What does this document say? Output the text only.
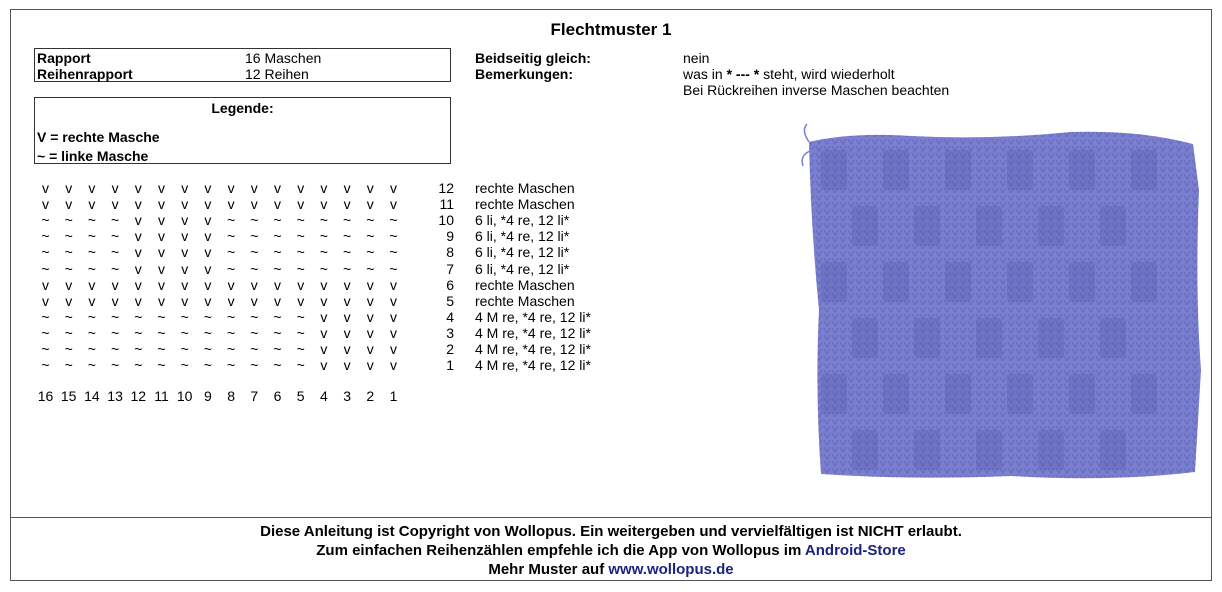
Flechtmuster 1
Rapport	16 Maschen
Reihenrapport	12 Reihen
Beidseitig gleich:	nein
Bemerkungen:	was in * --- * steht, wird wiederholt
Bei Rückreihen inverse Maschen beachten
Legende:
V = rechte Masche
~ = linke Masche
16 15 14 13 12 11 10 9	8	7	6	5	4	3	2	1
v	v	v	v	v	v	v	v	v	v	v	v	v	v	v	v	12 rechte Maschen
v	v	v	v	v	v	v	v	v	v	v	v	v	v	v	v	11 rechte Maschen
~	~	~	~	v	v	v	v	~	~	~	~	~	~	~	~	10 6 li, *4 re, 12 li*
~	~	~	~	v	v	v	v	~	~	~	~	~	~	~	~	9 6 li, *4 re, 12 li*
~	~	~	~	v	v	v	v	~	~	~	~	~	~	~	~	8 6 li, *4 re, 12 li*
~	~	~	~	v	v	v	v	~	~	~	~	~	~	~	~	7 6 li, *4 re, 12 li*
v	v	v	v	v	v	v	v	v	v	v	v	v	v	v	v	6 rechte Maschen
v	v	v	v	v	v	v	v	v	v	v	v	v	v	v	v	5 rechte Maschen
~	~	~	~	~	~	~	~	~	~	~	~	v	v	v	v	4 4 M re, *4 re, 12 li*
~	~	~	~	~	~	~	~	~	~	~	~	v	v	v	v	3 4 M re, *4 re, 12 li*
~	~	~	~	~	~	~	~	~	~	~	~	v	v	v	v	2 4 M re, *4 re, 12 li*
~	~	~	~	~	~	~	~	~	~	~	~	v	v	v	v	1 4 M re, *4 re, 12 li*
Diese Anleitung ist Copyright von Wollopus. Ein weitergeben und vervielfältigen ist NICHT erlaubt.
Zum einfachen Reihenzählen empfehle ich die App von Wollopus im Android-Store
Mehr Muster auf www.wollopus.de
